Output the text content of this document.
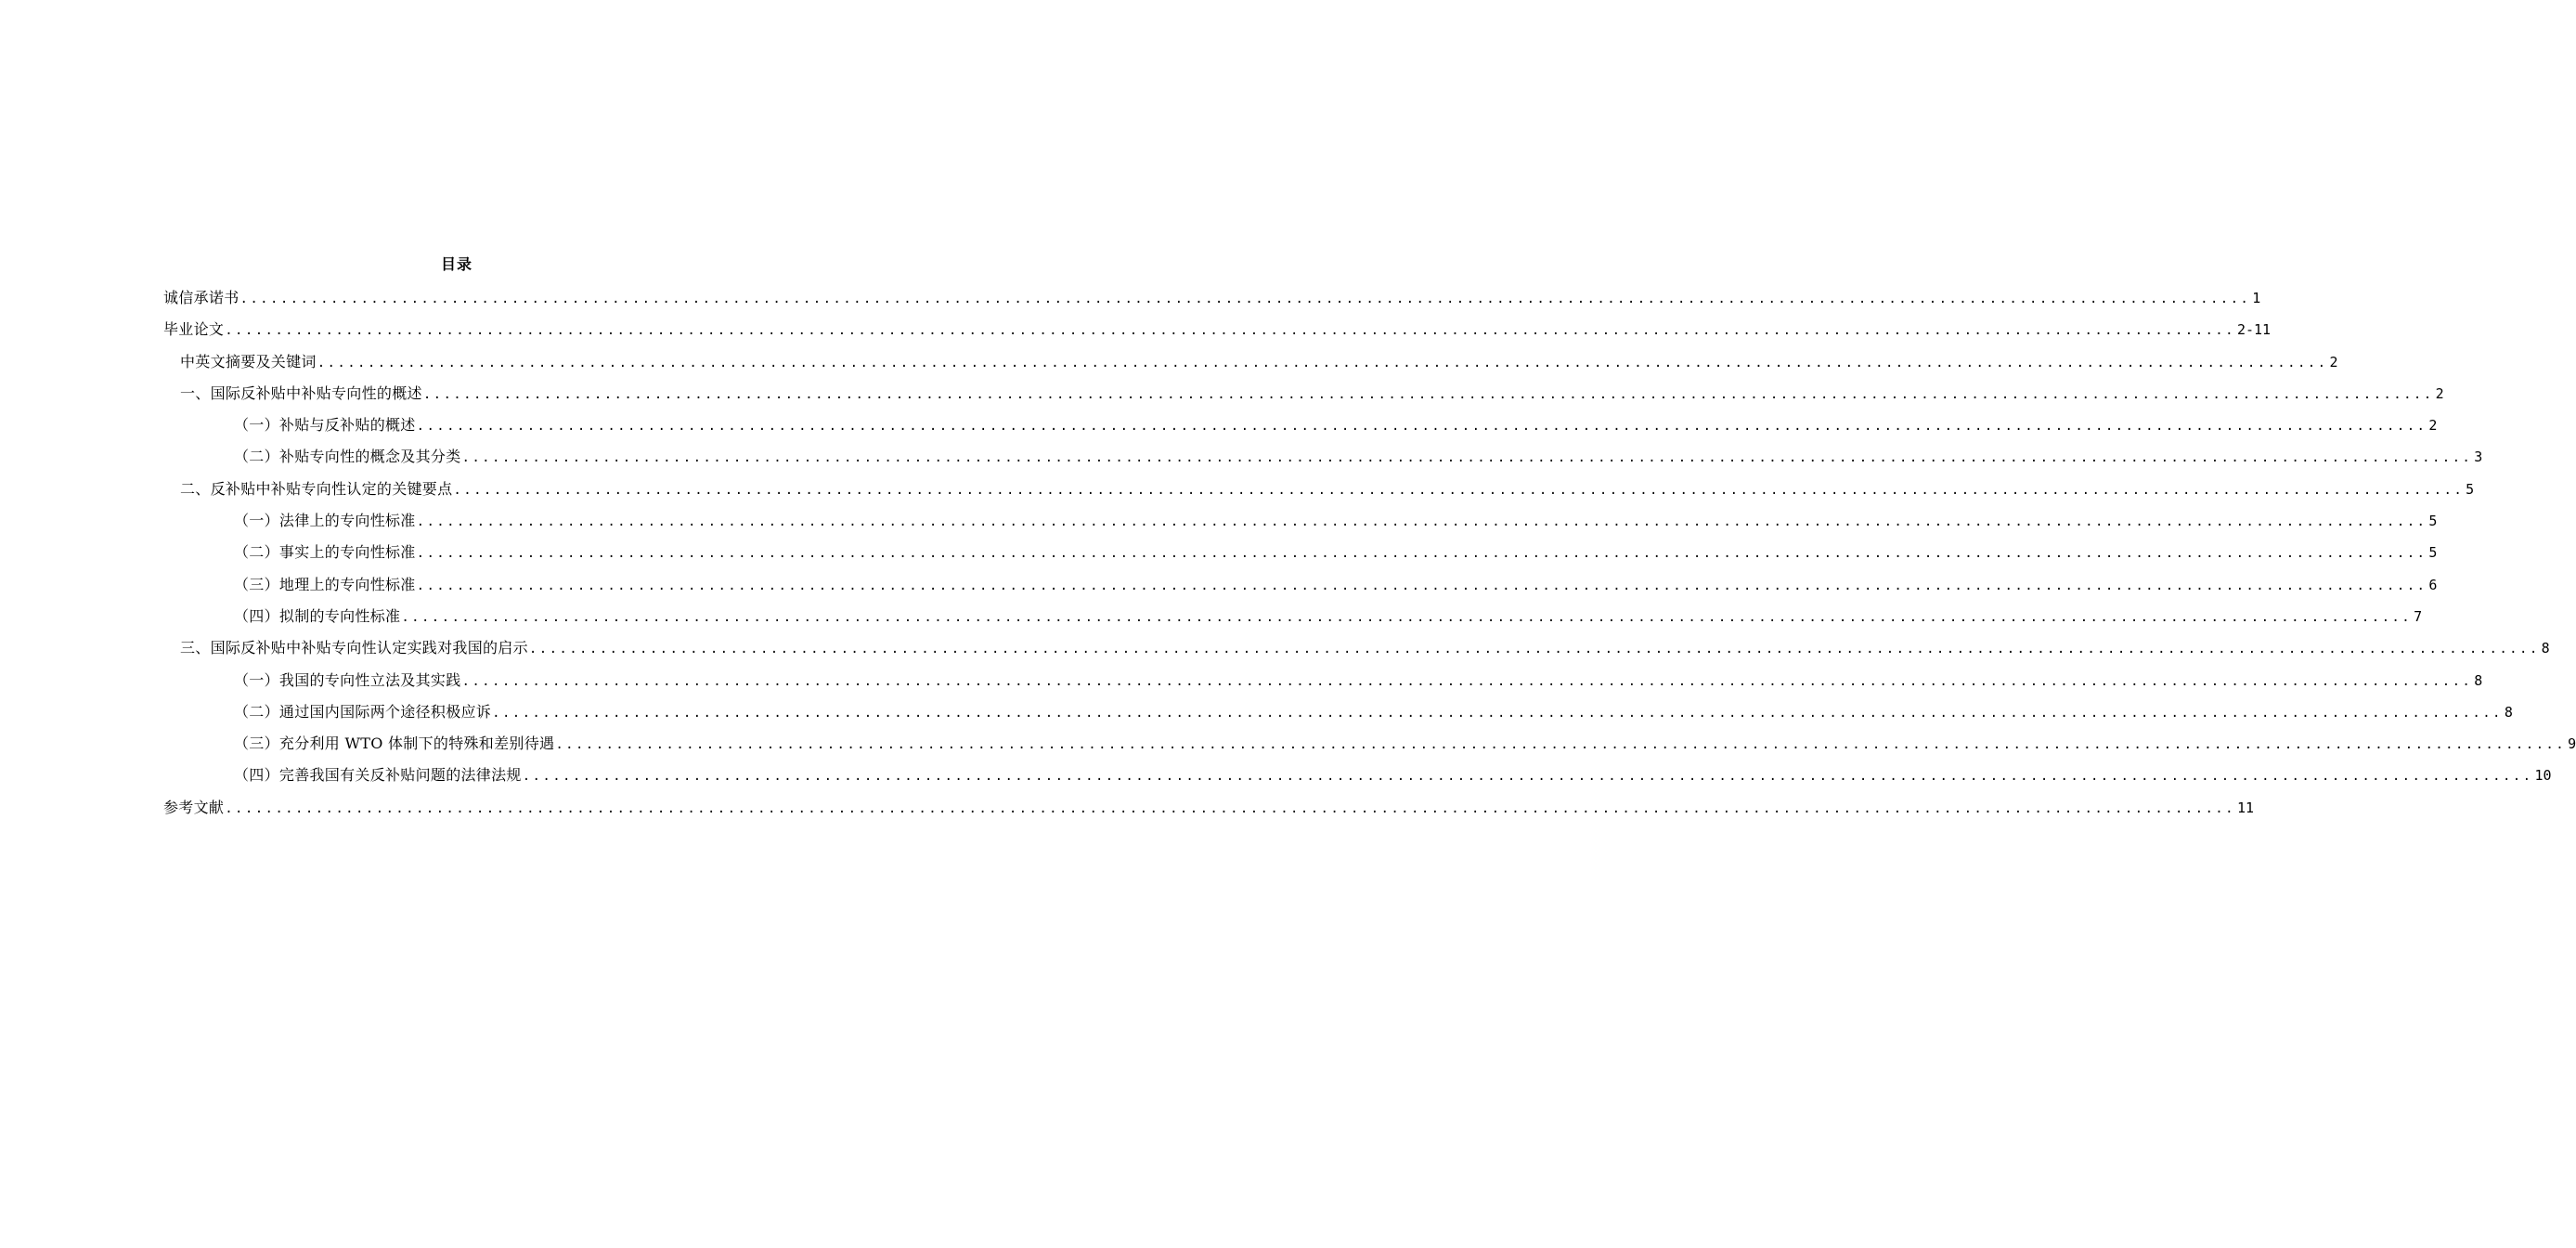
目录
诚信承诺书 ........................................................................................................................................................................................................ 1
毕业论文 ........................................................................................................................................................................................................ 2-11
中英文摘要及关键词 ........................................................................................................................................................................................................ 2
一、国际反补贴中补贴专向性的概述 ........................................................................................................................................................................................................ 2
（一）补贴与反补贴的概述 ........................................................................................................................................................................................................ 2
（二）补贴专向性的概念及其分类 ........................................................................................................................................................................................................ 3
二、反补贴中补贴专向性认定的关键要点 ........................................................................................................................................................................................................ 5
（一）法律上的专向性标准 ........................................................................................................................................................................................................ 5
（二）事实上的专向性标准 ........................................................................................................................................................................................................ 5
（三）地理上的专向性标准 ........................................................................................................................................................................................................ 6
（四）拟制的专向性标准 ........................................................................................................................................................................................................ 7
三、国际反补贴中补贴专向性认定实践对我国的启示 ........................................................................................................................................................................................................ 8
（一）我国的专向性立法及其实践 ........................................................................................................................................................................................................ 8
（二）通过国内国际两个途径积极应诉 ........................................................................................................................................................................................................ 8
（三）充分利用 WTO 体制下的特殊和差别待遇 ........................................................................................................................................................................................................ 9
（四）完善我国有关反补贴问题的法律法规 ........................................................................................................................................................................................................ 10
参考文献 ........................................................................................................................................................................................................ 11
